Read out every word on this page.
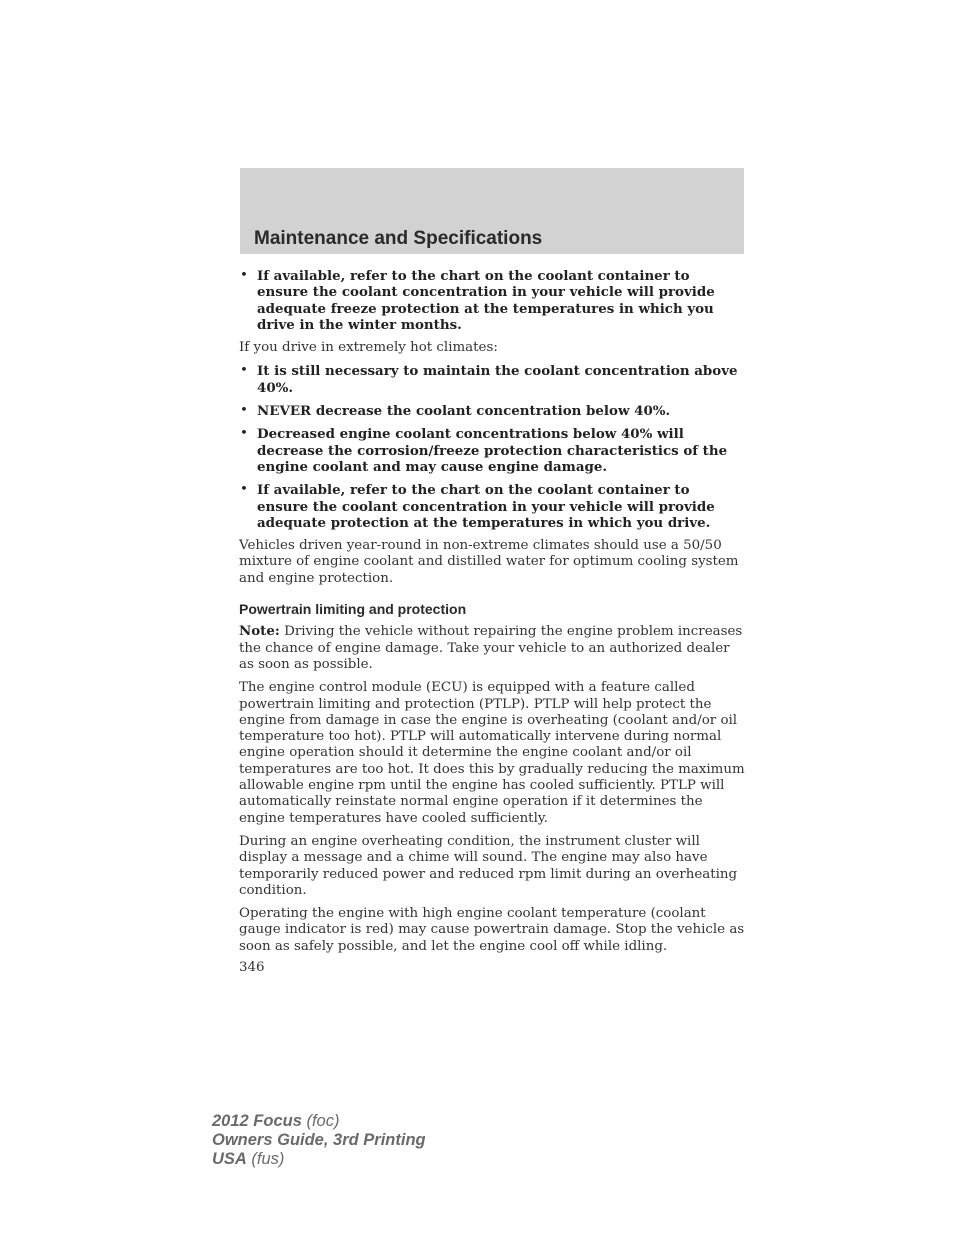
Maintenance and Specifications
• If available, refer to the chart on the coolant container to ensure the coolant concentration in your vehicle will provide adequate freeze protection at the temperatures in which you drive in the winter months.

If you drive in extremely hot climates:

• It is still necessary to maintain the coolant concentration above 40%.
• NEVER decrease the coolant concentration below 40%.
• Decreased engine coolant concentrations below 40% will decrease the corrosion/freeze protection characteristics of the engine coolant and may cause engine damage.
• If available, refer to the chart on the coolant container to ensure the coolant concentration in your vehicle will provide adequate protection at the temperatures in which you drive.

Vehicles driven year-round in non-extreme climates should use a 50/50 mixture of engine coolant and distilled water for optimum cooling system and engine protection.

Powertrain limiting and protection

Note: Driving the vehicle without repairing the engine problem increases the chance of engine damage. Take your vehicle to an authorized dealer as soon as possible.

The engine control module (ECU) is equipped with a feature called powertrain limiting and protection (PTLP). PTLP will help protect the engine from damage in case the engine is overheating (coolant and/or oil temperature too hot). PTLP will automatically intervene during normal engine operation should it determine the engine coolant and/or oil temperatures are too hot. It does this by gradually reducing the maximum allowable engine rpm until the engine has cooled sufficiently. PTLP will automatically reinstate normal engine operation if it determines the engine temperatures have cooled sufficiently.

During an engine overheating condition, the instrument cluster will display a message and a chime will sound. The engine may also have temporarily reduced power and reduced rpm limit during an overheating condition.

Operating the engine with high engine coolant temperature (coolant gauge indicator is red) may cause powertrain damage. Stop the vehicle as soon as safely possible, and let the engine cool off while idling.

346

2012 Focus (foc)
Owners Guide, 3rd Printing
USA (fus)
